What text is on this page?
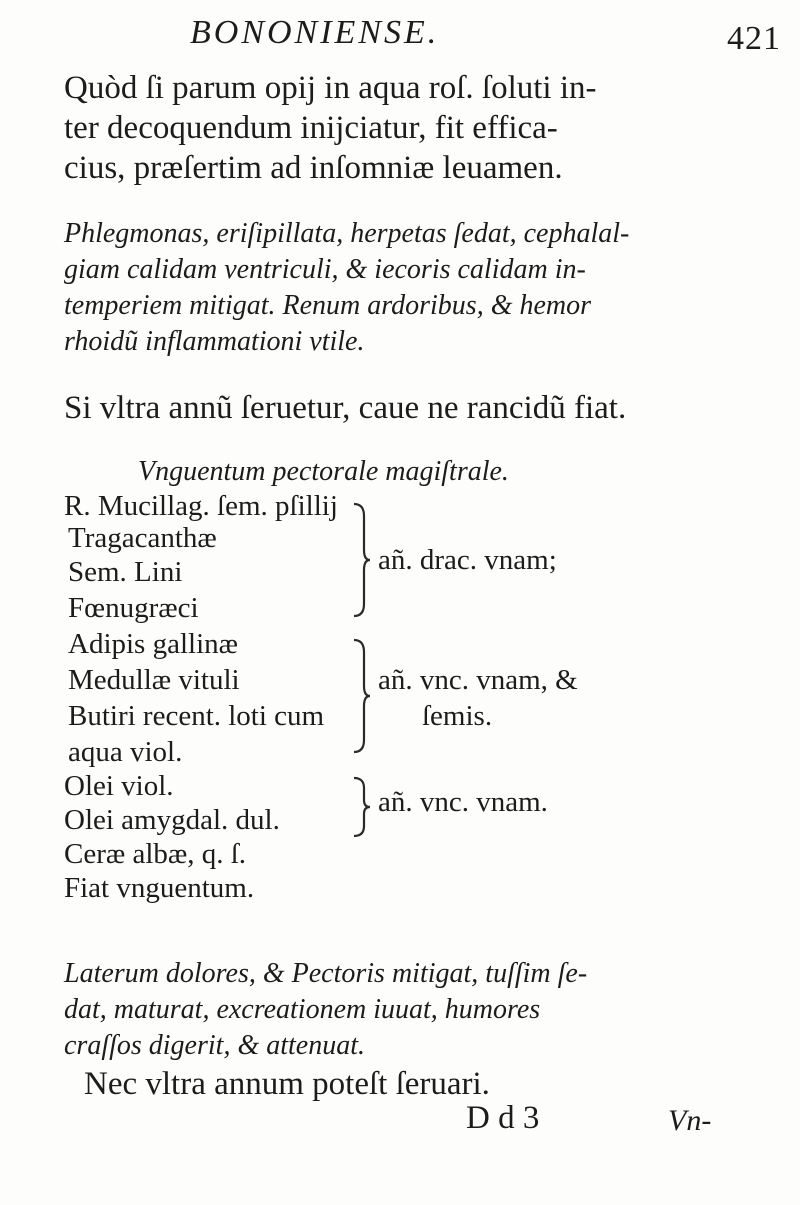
BONONIENSE.	421
Quòd ſi parum opij in aqua roſ. ſoluti in-
ter decoquendum inijciatur, fit effica-
cius, præſertim ad inſomniæ leuamen.
Phlegmonas, eriſipillata, herpetas ſedat, cephalal-
giam calidam ventriculi, & iecoris calidam in-
temperiem mitigat. Renum ardoribus, & hemor
rhoidũ inflammationi vtile.
Si vltra annũ ſeruetur, caue ne rancidũ fiat.
Vnguentum pectorale magiſtrale.
R. Mucillag. ſem. pſillij
Tragacanthæ
Sem. Lini
Fœnugræci
Adipis gallinæ
Medullæ vituli
Butiri recent. loti cum
aqua viol.
Olei viol.
Olei amygdal. dul.
Ceræ albæ, q. ſ.
Fiat vnguentum.
añ. drac. vnam;
añ. vnc. vnam, &
ſemis.
añ. vnc. vnam.
Laterum dolores, & Pectoris mitigat, tuſſim ſe-
dat, maturat, excreationem iuuat, humores
craſſos digerit, & attenuat.
Nec vltra annum poteſt ſeruari.
D d 3	Vn-
